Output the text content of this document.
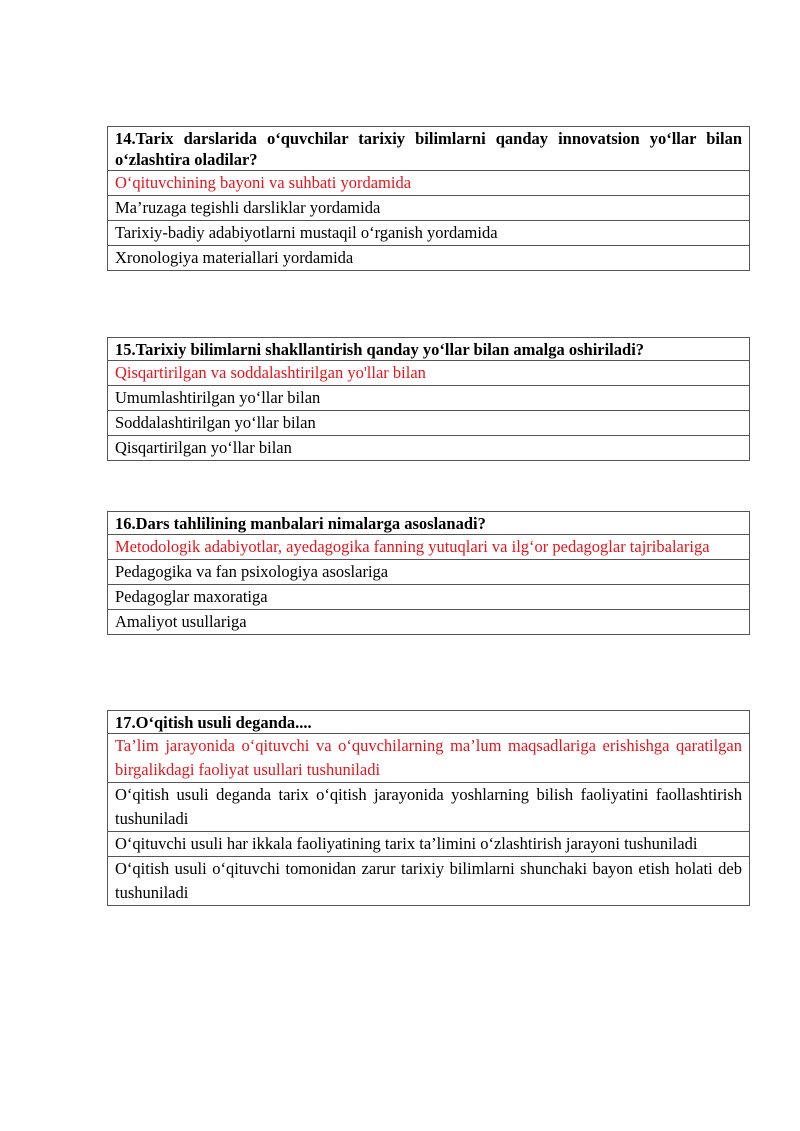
14.Tarix darslarida o‘quvchilar tarixiy bilimlarni qanday innovatsion yo‘llar bilan o‘zlashtira oladilar?
O‘qituvchining bayoni va suhbati yordamida
Ma’ruzaga tegishli darsliklar yordamida
Tarixiy-badiy adabiyotlarni mustaqil o‘rganish yordamida
Xronologiya materiallari yordamida
15.Tarixiy bilimlarni shakllantirish qanday yo‘llar bilan amalga oshiriladi?
Qisqartirilgan va soddalashtirilgan yo'llar bilan
Umumlashtirilgan yo‘llar bilan
Soddalashtirilgan yo‘llar bilan
Qisqartirilgan yo‘llar bilan
16.Dars tahlilining manbalari nimalarga asoslanadi?
Metodologik adabiyotlar, ayedagogika fanning yutuqlari va ilg‘or pedagoglar tajribalariga
Pedagogika va fan psixologiya asoslariga
Pedagoglar maxoratiga
Amaliyot usullariga
17.O‘qitish usuli deganda....
Ta’lim jarayonida o‘qituvchi va o‘quvchilarning ma’lum maqsadlariga erishishga qaratilgan birgalikdagi faoliyat usullari tushuniladi
O‘qitish usuli deganda tarix o‘qitish jarayonida yoshlarning bilish faoliyatini faollashtirish tushuniladi
O‘qituvchi usuli har ikkala faoliyatining tarix ta’limini o‘zlashtirish jarayoni tushuniladi
O‘qitish usuli o‘qituvchi tomonidan zarur tarixiy bilimlarni shunchaki bayon etish holati deb tushuniladi
